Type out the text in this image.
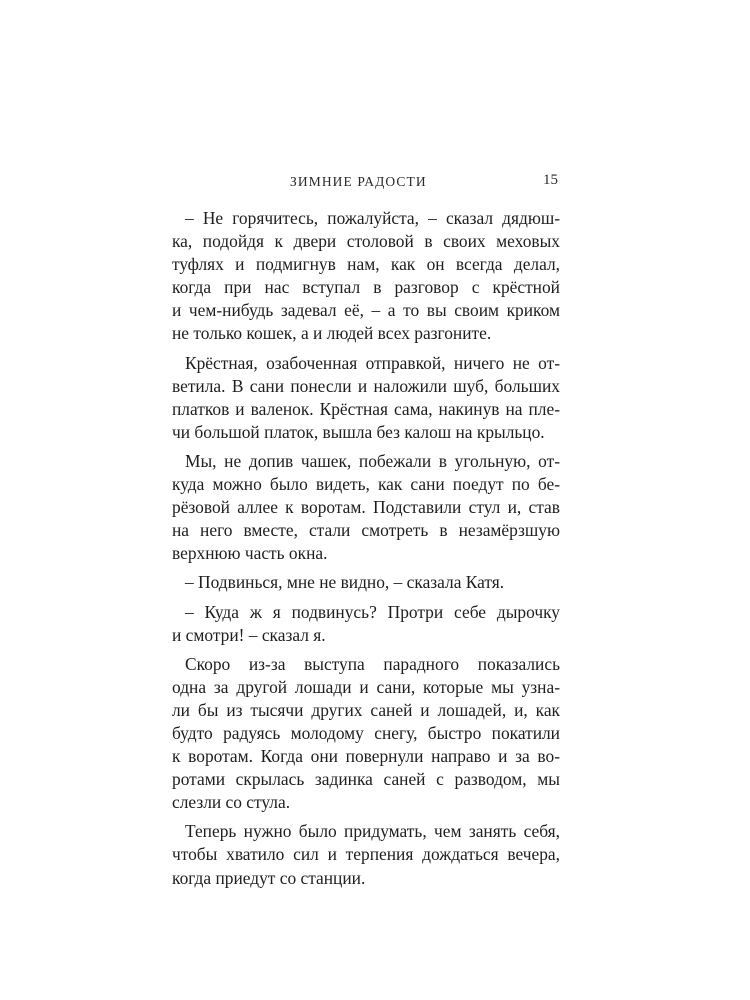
ЗИМНИЕ РАДОСТИ	15
– Не горячитесь, пожалуйста, – сказал дядюш-
ка, подойдя к двери столовой в своих меховых
туфлях и подмигнув нам, как он всегда делал,
когда при нас вступал в разговор с крёстной
и чем-нибудь задевал её, – а то вы своим криком
не только кошек, а и людей всех разгоните.
Крёстная, озабоченная отправкой, ничего не от-
ветила. В сани понесли и наложили шуб, больших
платков и валенок. Крёстная сама, накинув на пле-
чи большой платок, вышла без калош на крыльцо.
Мы, не допив чашек, побежали в угольную, от-
куда можно было видеть, как сани поедут по бе-
рёзовой аллее к воротам. Подставили стул и, став
на него вместе, стали смотреть в незамёрзшую
верхнюю часть окна.
– Подвинься, мне не видно, – сказала Катя.
– Куда ж я подвинусь? Протри себе дырочку
и смотри! – сказал я.
Скоро из-за выступа парадного показались
одна за другой лошади и сани, которые мы узна-
ли бы из тысячи других саней и лошадей, и, как
будто радуясь молодому снегу, быстро покатили
к воротам. Когда они повернули направо и за во-
ротами скрылась задинка саней с разводом, мы
слезли со стула.
Теперь нужно было придумать, чем занять себя,
чтобы хватило сил и терпения дождаться вечера,
когда приедут со станции.
